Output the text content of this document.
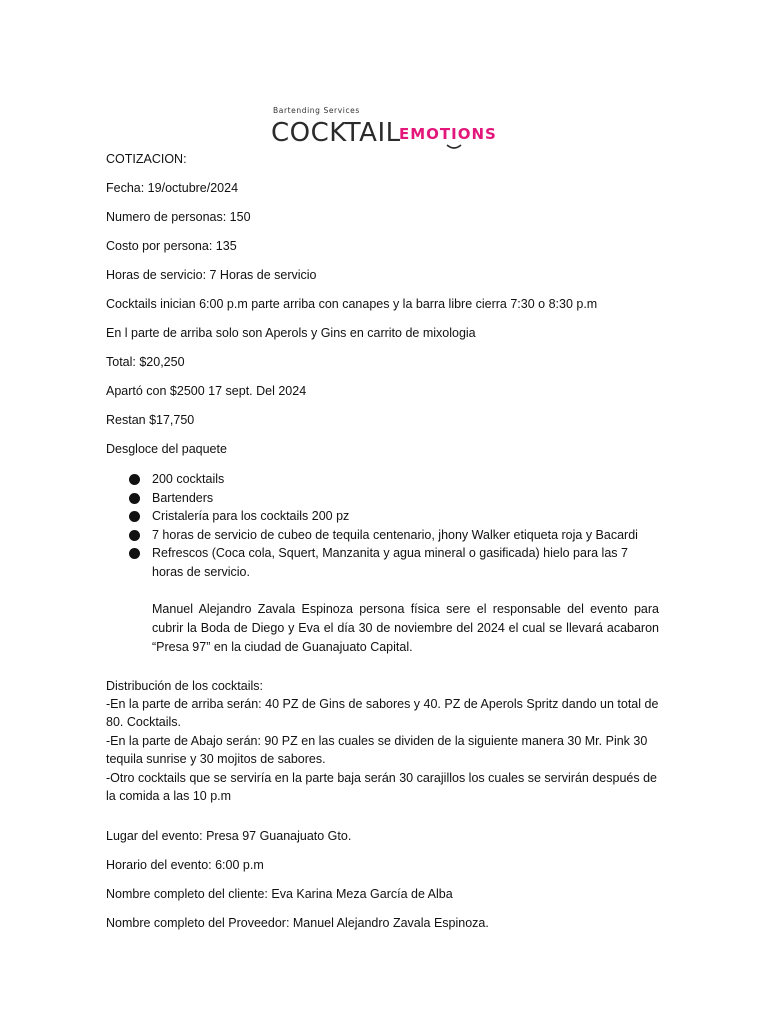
Bartending Services
COCKTAIL
EMOTIONS
COTIZACION:
Fecha: 19/octubre/2024
Numero de personas: 150
Costo por persona: 135
Horas de servicio: 7 Horas de servicio
Cocktails inician 6:00 p.m parte arriba con canapes y la barra libre cierra 7:30 o 8:30 p.m
En l parte de arriba solo son Aperols y Gins en carrito de mixologia
Total: $20,250
Apartó con $2500 17 sept. Del 2024
Restan $17,750
Desgloce del paquete
200 cocktails
Bartenders
Cristalería para los cocktails 200 pz
7 horas de servicio de cubeo de tequila centenario, jhony Walker etiqueta roja y Bacardi
Refrescos (Coca cola, Squert, Manzanita y agua mineral o gasificada) hielo para las 7 horas de servicio.
Manuel Alejandro Zavala Espinoza persona física sere el responsable del evento para cubrir la Boda de Diego y Eva el día 30 de noviembre del 2024 el cual se llevará acabaron “Presa 97” en la ciudad de Guanajuato Capital.
Distribución de los cocktails:
-En la parte de arriba serán: 40 PZ de Gins de sabores y 40. PZ de Aperols Spritz dando un total de 80. Cocktails.
-En la parte de Abajo serán: 90 PZ en las cuales se dividen de la siguiente manera 30 Mr. Pink 30 tequila sunrise y 30 mojitos de sabores.
-Otro cocktails que se serviría en la parte baja serán 30 carajillos los cuales se servirán después de la comida a las 10 p.m
Lugar del evento: Presa 97 Guanajuato Gto.
Horario del evento: 6:00 p.m
Nombre completo del cliente: Eva Karina Meza García de Alba
Nombre completo del Proveedor: Manuel Alejandro Zavala Espinoza.
